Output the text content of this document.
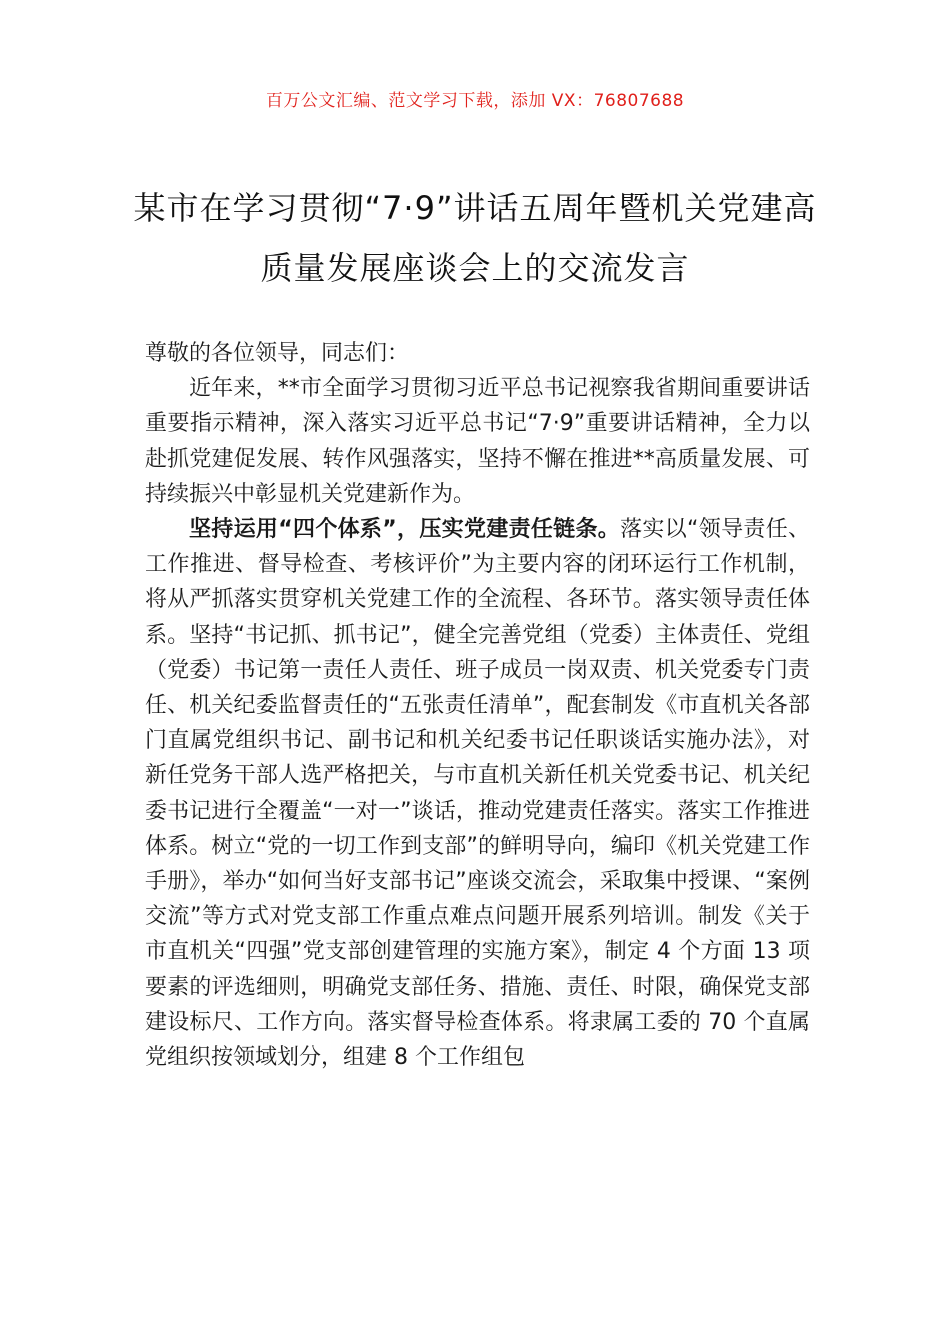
百万公文汇编、范文学习下载，添加 VX：76807688
某市在学习贯彻“7·9”讲话五周年暨机关党建高质量发展座谈会上的交流发言

尊敬的各位领导，同志们：

近年来，**市全面学习贯彻习近平总书记视察我省期间重要讲话重要指示精神，深入落实习近平总书记“7·9”重要讲话精神，全力以赴抓党建促发展、转作风强落实，坚持不懈在推进**高质量发展、可持续振兴中彰显机关党建新作为。

坚持运用“四个体系”，压实党建责任链条。落实以“领导责任、工作推进、督导检查、考核评价”为主要内容的闭环运行工作机制，将从严抓落实贯穿机关党建工作的全流程、各环节。落实领导责任体系。坚持“书记抓、抓书记”，健全完善党组（党委）主体责任、党组（党委）书记第一责任人责任、班子成员一岗双责、机关党委专门责任、机关纪委监督责任的“五张责任清单”，配套制发《市直机关各部门直属党组织书记、副书记和机关纪委书记任职谈话实施办法》，对新任党务干部人选严格把关，与市直机关新任机关党委书记、机关纪委书记进行全覆盖“一对一”谈话，推动党建责任落实。落实工作推进体系。树立“党的一切工作到支部”的鲜明导向，编印《机关党建工作手册》，举办“如何当好支部书记”座谈交流会，采取集中授课、“案例交流”等方式对党支部工作重点难点问题开展系列培训。制发《关于市直机关“四强”党支部创建管理的实施方案》，制定 4 个方面 13 项要素的评选细则，明确党支部任务、措施、责任、时限，确保党支部建设标尺、工作方向。落实督导检查体系。将隶属工委的 70 个直属党组织按领域划分，组建 8 个工作组包
